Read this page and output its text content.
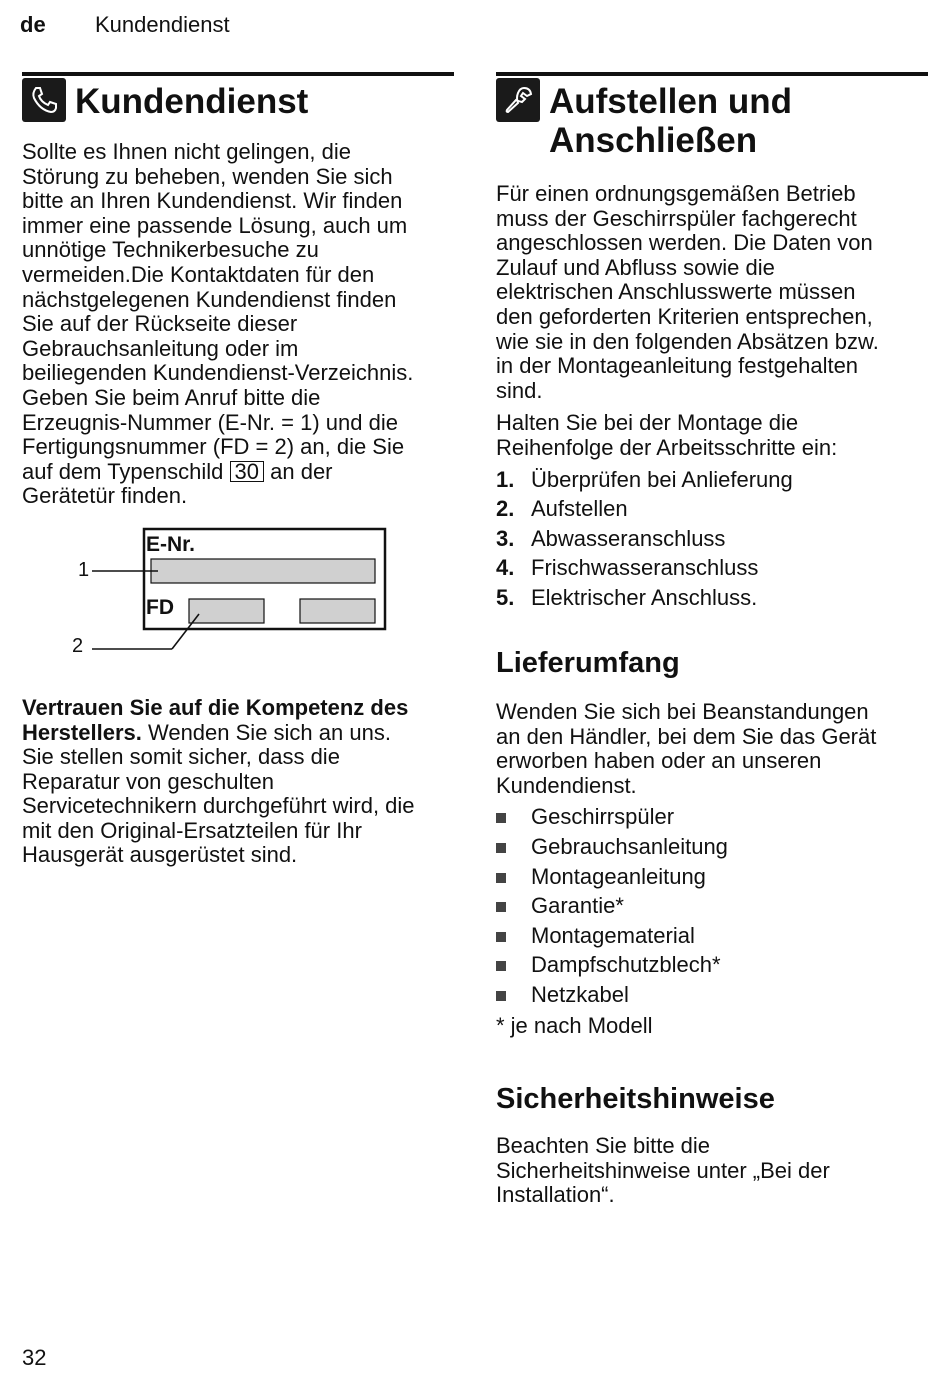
de Kundendienst
Kundendienst

Sollte es Ihnen nicht gelingen, die

Störung zu beheben, wenden Sie sich

bitte an Ihren Kundendienst. Wir finden

immer eine passende Lösung, auch um

unnötige Technikerbesuche zu

vermeiden.Die Kontaktdaten für den

nächstgelegenen Kundendienst finden

Sie auf der Rückseite dieser

Gebrauchsanleitung oder im

beiliegenden Kundendienst-Verzeichnis.

Geben Sie beim Anruf bitte die

Erzeugnis-Nummer (E-Nr. = 1) und die

Fertigungsnummer (FD = 2) an, die Sie

auf dem Typenschild 30 an der

Gerätetür finden.

E-Nr.
FD
1
2

Vertrauen Sie auf die Kompetenz des

Herstellers. Wenden Sie sich an uns.

Sie stellen somit sicher, dass die

Reparatur von geschulten

Servicetechnikern durchgeführt wird, die

mit den Original-Ersatzteilen für Ihr

Hausgerät ausgerüstet sind.

Aufstellen und
Anschließen

Für einen ordnungsgemäßen Betrieb

muss der Geschirrspüler fachgerecht

angeschlossen werden. Die Daten von

Zulauf und Abfluss sowie die

elektrischen Anschlusswerte müssen

den geforderten Kriterien entsprechen,

wie sie in den folgenden Absätzen bzw.

in der Montageanleitung festgehalten

sind.

Halten Sie bei der Montage die

Reihenfolge der Arbeitsschritte ein:

1. Überprüfen bei Anlieferung
2. Aufstellen
3. Abwasseranschluss
4. Frischwasseranschluss
5. Elektrischer Anschluss.
Lieferumfang

Wenden Sie sich bei Beanstandungen

an den Händler, bei dem Sie das Gerät

erworben haben oder an unseren

Kundendienst.

Geschirrspüler
Gebrauchsanleitung
Montageanleitung
Garantie*
Montagematerial
Dampfschutzblech*
Netzkabel

* je nach Modell

Sicherheitshinweise

Beachten Sie bitte die

Sicherheitshinweise unter „Bei der

Installation“.

32
